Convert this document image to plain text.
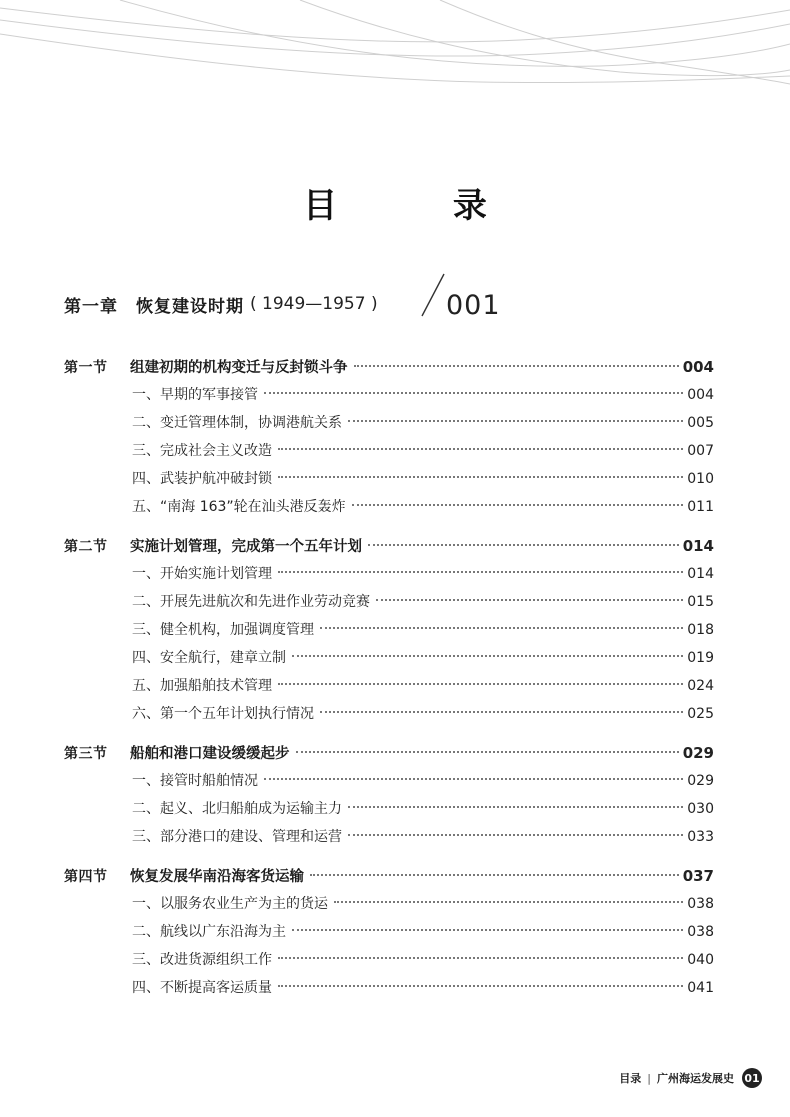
目 录
第一章 恢复建设时期 ( 1949—1957 )	001
第一节	组建初期的机构变迁与反封锁斗争	004
一、早期的军事接管	004
二、变迁管理体制，协调港航关系	005
三、完成社会主义改造	007
四、武装护航冲破封锁	010
五、“南海 163”轮在汕头港反轰炸	011
第二节	实施计划管理，完成第一个五年计划	014
一、开始实施计划管理	014
二、开展先进航次和先进作业劳动竞赛	015
三、健全机构，加强调度管理	018
四、安全航行，建章立制	019
五、加强船舶技术管理	024
六、第一个五年计划执行情况	025
第三节	船舶和港口建设缓缓起步	029
一、接管时船舶情况	029
二、起义、北归船舶成为运输主力	030
三、部分港口的建设、管理和运营	033
第四节	恢复发展华南沿海客货运输	037
一、以服务农业生产为主的货运	038
二、航线以广东沿海为主	038
三、改进货源组织工作	040
四、不断提高客运质量	041
目录 | 广州海运发展史 01
